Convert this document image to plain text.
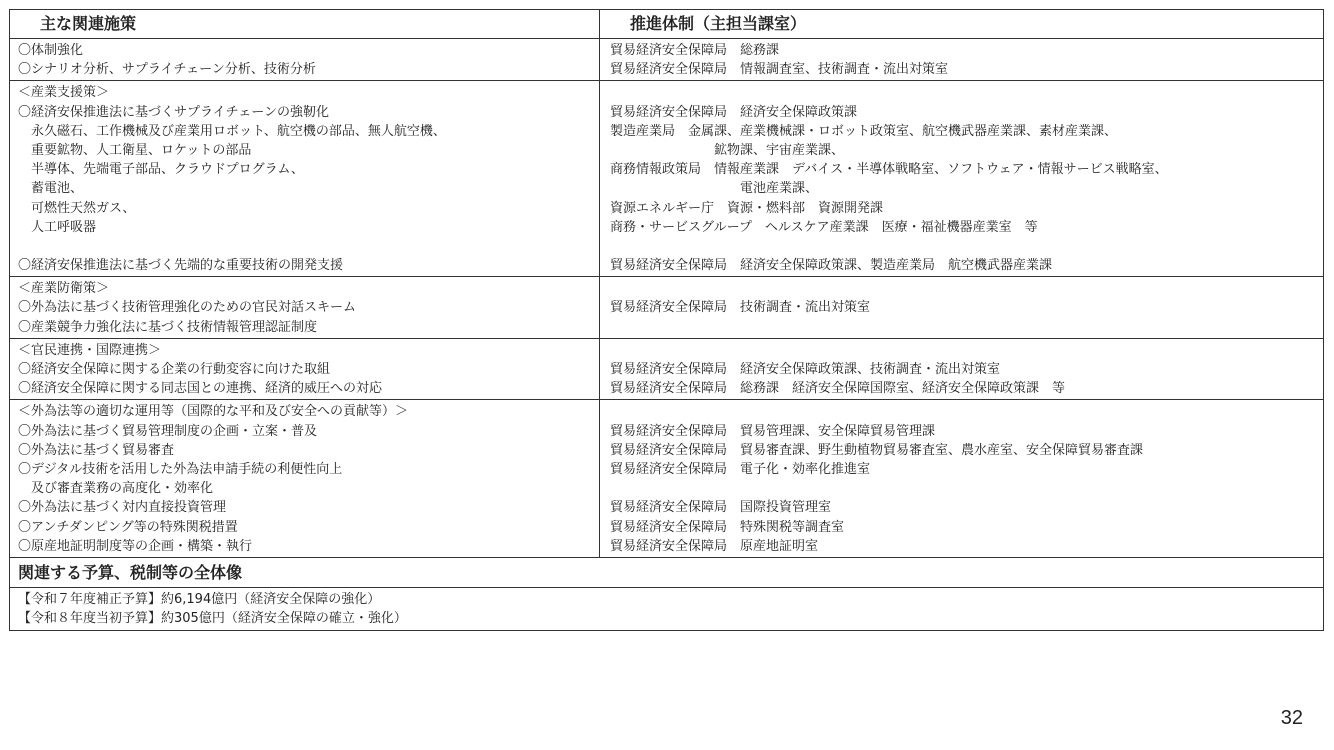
主な関連施策	推進体制（主担当課室）
〇体制強化
〇シナリオ分析、サプライチェーン分析、技術分析
貿易経済安全保障局　総務課
貿易経済安全保障局　情報調査室、技術調査・流出対策室
＜産業支援策＞
〇経済安保推進法に基づくサプライチェーンの強靭化
　永久磁石、工作機械及び産業用ロボット、航空機の部品、無人航空機、
　重要鉱物、人工衛星、ロケットの部品
　半導体、先端電子部品、クラウドプログラム、
　蓄電池、
　可燃性天然ガス、
　人工呼吸器
〇経済安保推進法に基づく先端的な重要技術の開発支援
貿易経済安全保障局　経済安全保障政策課
製造産業局　金属課、産業機械課・ロボット政策室、航空機武器産業課、素材産業課、
　　　　　　　　鉱物課、宇宙産業課、
商務情報政策局　情報産業課　デバイス・半導体戦略室、ソフトウェア・情報サービス戦略室、
　　　　　　　　　　電池産業課、
資源エネルギー庁　資源・燃料部　資源開発課
商務・サービスグループ　ヘルスケア産業課　医療・福祉機器産業室　等
貿易経済安全保障局　経済安全保障政策課、製造産業局　航空機武器産業課
＜産業防衛策＞
〇外為法に基づく技術管理強化のための官民対話スキーム
〇産業競争力強化法に基づく技術情報管理認証制度
貿易経済安全保障局　技術調査・流出対策室
＜官民連携・国際連携＞
〇経済安全保障に関する企業の行動変容に向けた取組
〇経済安全保障に関する同志国との連携、経済的威圧への対応
貿易経済安全保障局　経済安全保障政策課、技術調査・流出対策室
貿易経済安全保障局　総務課　経済安全保障国際室、経済安全保障政策課　等
＜外為法等の適切な運用等（国際的な平和及び安全への貢献等）＞
〇外為法に基づく貿易管理制度の企画・立案・普及
〇外為法に基づく貿易審査
〇デジタル技術を活用した外為法申請手続の利便性向上
　及び審査業務の高度化・効率化
〇外為法に基づく対内直接投資管理
〇アンチダンピング等の特殊関税措置
〇原産地証明制度等の企画・構築・執行
貿易経済安全保障局　貿易管理課、安全保障貿易管理課
貿易経済安全保障局　貿易審査課、野生動植物貿易審査室、農水産室、安全保障貿易審査課
貿易経済安全保障局　電子化・効率化推進室
貿易経済安全保障局　国際投資管理室
貿易経済安全保障局　特殊関税等調査室
貿易経済安全保障局　原産地証明室
関連する予算、税制等の全体像
【令和７年度補正予算】約6,194億円（経済安全保障の強化）
【令和８年度当初予算】約305億円（経済安全保障の確立・強化）
32
